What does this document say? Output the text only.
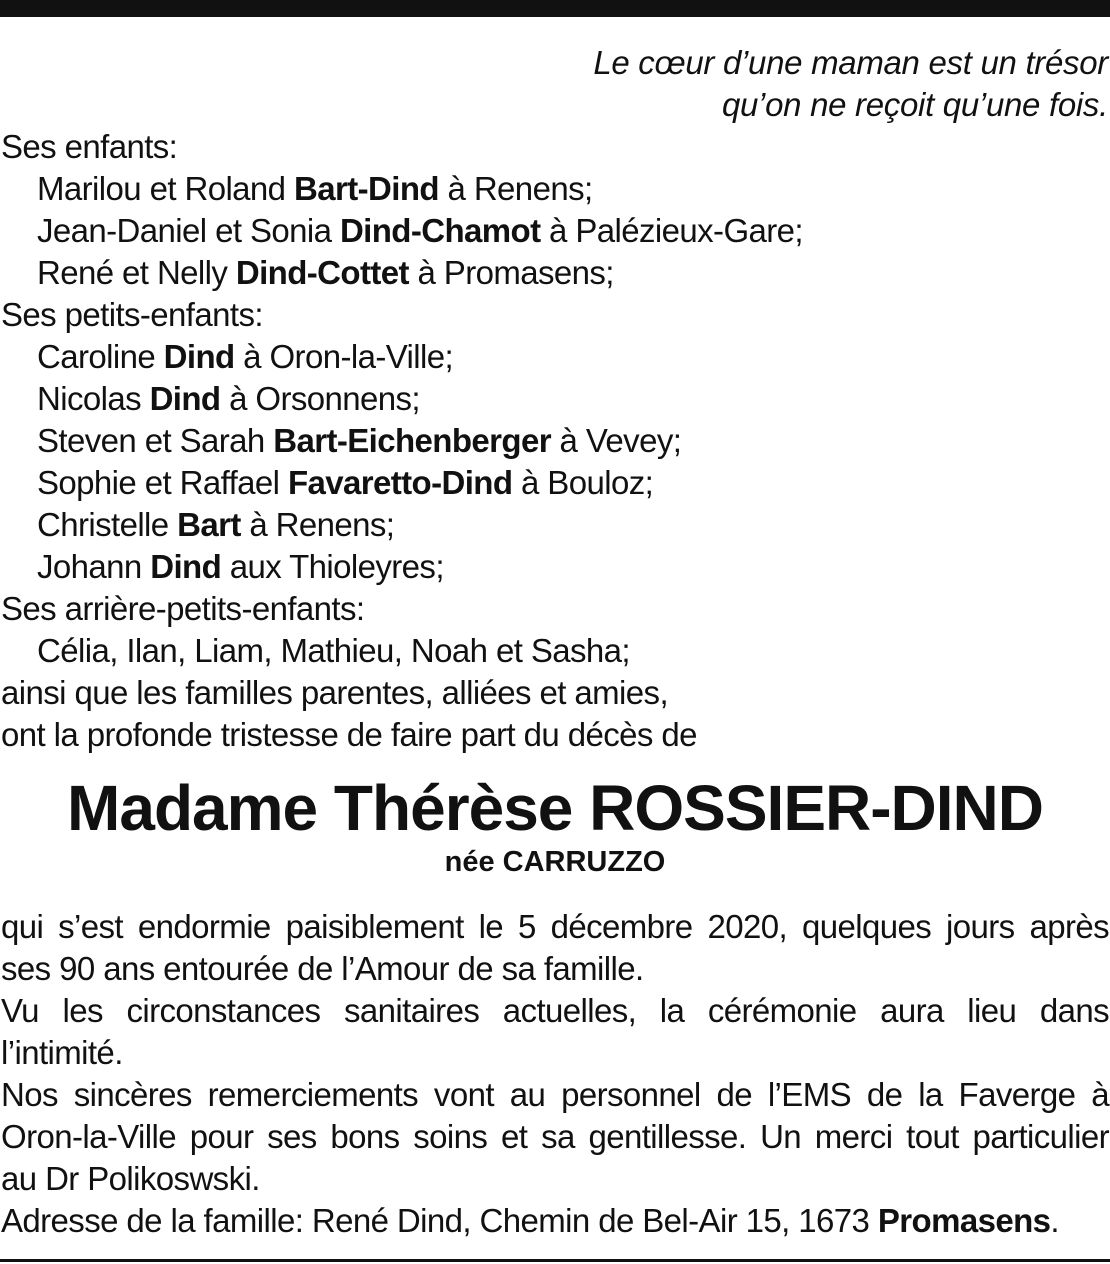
Le cœur d’une maman est un trésor
qu’on ne reçoit qu’une fois.
Ses enfants:
Marilou et Roland Bart-Dind à Renens;
Jean-Daniel et Sonia Dind-Chamot à Palézieux-Gare;
René et Nelly Dind-Cottet à Promasens;
Ses petits-enfants:
Caroline Dind à Oron-la-Ville;
Nicolas Dind à Orsonnens;
Steven et Sarah Bart-Eichenberger à Vevey;
Sophie et Raffael Favaretto-Dind à Bouloz;
Christelle Bart à Renens;
Johann Dind aux Thioleyres;
Ses arrière-petits-enfants:
Célia, Ilan, Liam, Mathieu, Noah et Sasha;
ainsi que les familles parentes, alliées et amies,
ont la profonde tristesse de faire part du décès de
Madame Thérèse ROSSIER-DIND
née CARRUZZO
qui s’est endormie paisiblement le 5 décembre 2020, quelques jours après
ses 90 ans entourée de l’Amour de sa famille.
Vu les circonstances sanitaires actuelles, la cérémonie aura lieu dans
l’intimité.
Nos sincères remerciements vont au personnel de l’EMS de la Faverge à
Oron-la-Ville pour ses bons soins et sa gentillesse. Un merci tout particulier
au Dr Polikoswski.
Adresse de la famille: René Dind, Chemin de Bel-Air 15, 1673 Promasens.
